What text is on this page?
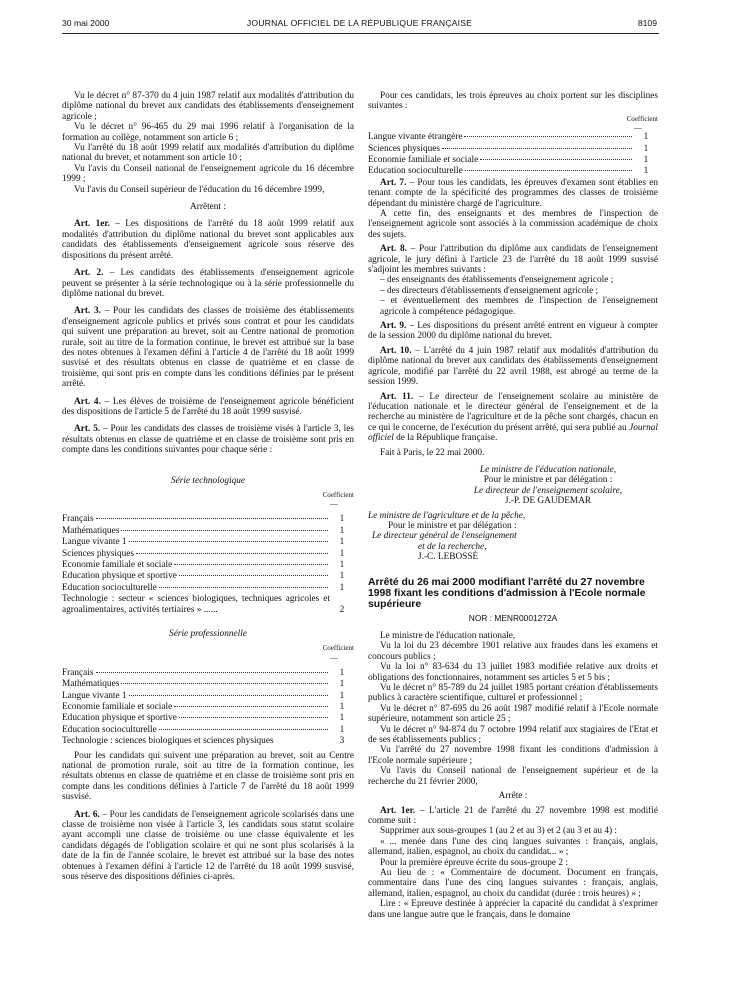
30 mai 2000	JOURNAL OFFICIEL DE LA RÉPUBLIQUE FRANÇAISE	8109

Vu le décret n° 87-370 du 4 juin 1987 relatif aux modalités d'attribution du diplôme national du brevet aux candidats des établissements d'enseignement agricole ;

Vu le décret n° 96-465 du 29 mai 1996 relatif à l'organisation de la formation au collège, notamment son article 6 ;

Vu l'arrêté du 18 août 1999 relatif aux modalités d'attribution du diplôme national du brevet, et notamment son article 10 ;

Vu l'avis du Conseil national de l'enseignement agricole du 16 décembre 1999 ;

Vu l'avis du Conseil supérieur de l'éducation du 16 décembre 1999,

Arrêtent :

Art. 1er. – Les dispositions de l'arrêté du 18 août 1999 relatif aux modalités d'attribution du diplôme national du brevet sont applicables aux candidats des établissements d'enseignement agricole sous réserve des dispositions du présent arrêté.

Art. 2. – Les candidats des établissements d'enseignement agricole peuvent se présenter à la série technologique ou à la série professionnelle du diplôme national du brevet.

Art. 3. – Pour les candidats des classes de troisième des établissements d'enseignement agricole publics et privés sous contrat et pour les candidats qui suivent une préparation au brevet, soit au Centre national de promotion rurale, soit au titre de la formation continue, le brevet est attribué sur la base des notes obtenues à l'examen défini à l'article 4 de l'arrêté du 18 août 1999 susvisé et des résultats obtenus en classe de quatrième et en classe de troisième, qui sont pris en compte dans les conditions définies par le présent arrêté.

Art. 4. – Les élèves de troisième de l'enseignement agricole bénéficient des dispositions de l'article 5 de l'arrêté du 18 août 1999 susvisé.

Art. 5. – Pour les candidats des classes de troisième visés à l'article 3, les résultats obtenus en classe de quatrième et en classe de troisième sont pris en compte dans les conditions suivantes pour chaque série :

Série technologique

Coefficient
—
Français	1
Mathématiques	1
Langue vivante 1	1
Sciences physiques	1
Economie familiale et sociale	1
Education physique et sportive	1
Education socioculturelle	1
Technologie : secteur « sciences biologiques, techniques agricoles et agroalimentaires, activités tertiaires » ......	2

Série professionnelle

Coefficient
—
Français	1
Mathématiques	1
Langue vivante 1	1
Economie familiale et sociale	1
Education physique et sportive	1
Education socioculturelle	1
Technologie : sciences biologiques et sciences physiques	3

Pour les candidats qui suivent une préparation au brevet, soit au Centre national de promotion rurale, soit au titre de la formation continue, les résultats obtenus en classe de quatrième et en classe de troisième sont pris en compte dans les conditions définies à l'article 7 de l'arrêté du 18 août 1999 susvisé.

Art. 6. – Pour les candidats de l'enseignement agricole scolarisés dans une classe de troisième non visée à l'article 3, les candidats sous statut scolaire ayant accompli une classe de troisième ou une classe équivalente et les candidats dégagés de l'obligation scolaire et qui ne sont plus scolarisés à la date de la fin de l'année scolaire, le brevet est attribué sur la base des notes obtenues à l'examen défini à l'article 12 de l'arrêté du 18 août 1999 susvisé, sous réserve des dispositions définies ci-après.

Pour ces candidats, les trois épreuves au choix portent sur les disciplines suivantes :

Coefficient
—
Langue vivante étrangère	1
Sciences physiques	1
Economie familiale et sociale	1
Education socioculturelle	1

Art. 7. – Pour tous les candidats, les épreuves d'examen sont établies en tenant compte de la spécificité des programmes des classes de troisième dépendant du ministère chargé de l'agriculture.

A cette fin, des enseignants et des membres de l'inspection de l'enseignement agricole sont associés à la commission académique de choix des sujets.

Art. 8. – Pour l'attribution du diplôme aux candidats de l'enseignement agricole, le jury défini à l'article 23 de l'arrêté du 18 août 1999 susvisé s'adjoint les membres suivants :

– des enseignants des établissements d'enseignement agricole ;

– des directeurs d'établissements d'enseignement agricole ;

– et éventuellement des membres de l'inspection de l'enseignement agricole à compétence pédagogique.

Art. 9. – Les dispositions du présent arrêté entrent en vigueur à compter de la session 2000 du diplôme national du brevet.

Art. 10. – L'arrêté du 4 juin 1987 relatif aux modalités d'attribution du diplôme national du brevet aux candidats des établissements d'enseignement agricole, modifié par l'arrêté du 22 avril 1988, est abrogé au terme de la session 1999.

Art. 11. – Le directeur de l'enseignement scolaire au ministère de l'éducation nationale et le directeur général de l'enseignement et de la recherche au ministère de l'agriculture et de la pêche sont chargés, chacun en ce qui le concerne, de l'exécution du présent arrêté, qui sera publié au Journal officiel de la République française.

Fait à Paris, le 22 mai 2000.

Le ministre de l'éducation nationale,
Pour le ministre et par délégation :
Le directeur de l'enseignement scolaire,
J.-P. DE GAUDEMAR
Le ministre de l'agriculture et de la pêche,
Pour le ministre et par délégation :
Le directeur général de l'enseignement
et de la recherche,
J.-C. LEBOSSÉ

Arrêté du 26 mai 2000 modifiant l'arrêté du 27 novembre 1998 fixant les conditions d'admission à l'Ecole normale supérieure

NOR : MENR0001272A

Le ministre de l'éducation nationale,

Vu la loi du 23 décembre 1901 relative aux fraudes dans les examens et concours publics ;

Vu la loi n° 83-634 du 13 juillet 1983 modifiée relative aux droits et obligations des fonctionnaires, notamment ses articles 5 et 5 bis ;

Vu le décret n° 85-789 du 24 juillet 1985 portant création d'établissements publics à caractère scientifique, culturel et professionnel ;

Vu le décret n° 87-695 du 26 août 1987 modifié relatif à l'Ecole normale supérieure, notamment son article 25 ;

Vu le décret n° 94-874 du 7 octobre 1994 relatif aux stagiaires de l'Etat et de ses établissements publics ;

Vu l'arrêté du 27 novembre 1998 fixant les conditions d'admission à l'Ecole normale supérieure ;

Vu l'avis du Conseil national de l'enseignement supérieur et de la recherche du 21 février 2000,

Arrête :

Art. 1er. – L'article 21 de l'arrêté du 27 novembre 1998 est modifié comme suit :

Supprimer aux sous-groupes 1 (au 2 et au 3) et 2 (au 3 et au 4) :

« ... menée dans l'une des cinq langues suivantes : français, anglais, allemand, italien, espagnol, au choix du candidat... » ;

Pour la première épreuve écrite du sous-groupe 2 :

Au lieu de : « Commentaire de document. Document en français, commentaire dans l'une des cinq langues suivantes : français, anglais, allemand, italien, espagnol, au choix du candidat (durée : trois heures) » ;

Lire : « Epreuve destinée à apprécier la capacité du candidat à s'exprimer dans une langue autre que le français, dans le domaine
